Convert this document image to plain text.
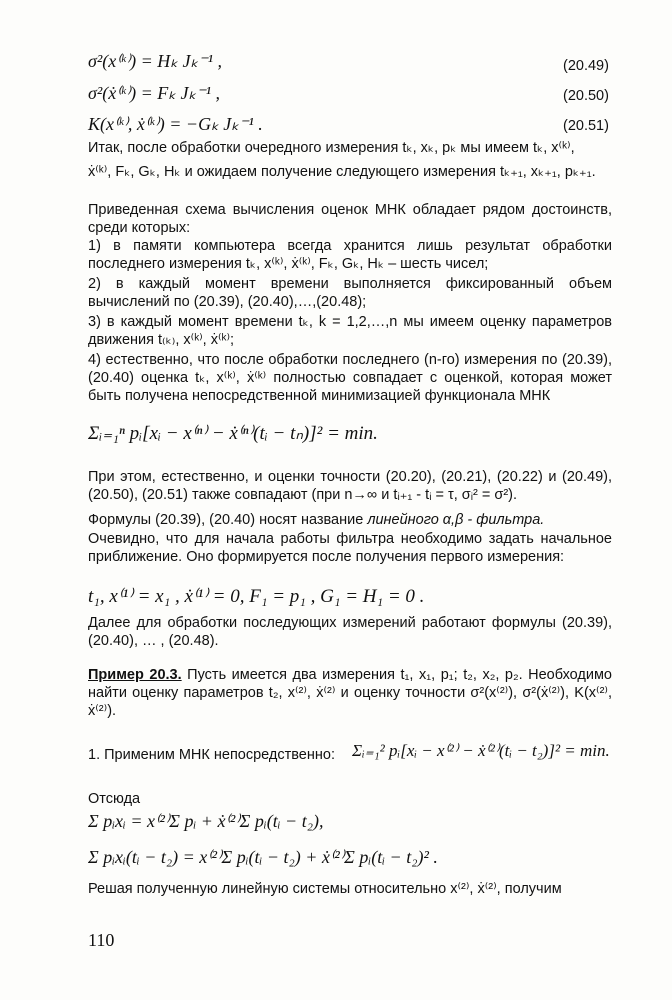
σ²(x⁽ᵏ⁾) = Hₖ Jₖ⁻¹ ,	(20.49)
σ²(ẋ⁽ᵏ⁾) = Fₖ Jₖ⁻¹ ,	(20.50)
K(x⁽ᵏ⁾, ẋ⁽ᵏ⁾) = −Gₖ Jₖ⁻¹ .	(20.51)
Итак, после обработки очередного измерения tₖ, xₖ, pₖ мы имеем tₖ, x⁽ᵏ⁾,
ẋ⁽ᵏ⁾, Fₖ, Gₖ, Hₖ и ожидаем получение следующего измерения tₖ₊₁, xₖ₊₁, pₖ₊₁.
Приведенная схема вычисления оценок МНК обладает рядом достоинств, среди которых:
1) в памяти компьютера всегда хранится лишь результат обработки последнего измерения tₖ, x⁽ᵏ⁾, ẋ⁽ᵏ⁾, Fₖ, Gₖ, Hₖ – шесть чисел;
2) в каждый момент времени выполняется фиксированный объем вычислений по (20.39), (20.40),…,(20.48);
3) в каждый момент времени tₖ, k = 1,2,…,n мы имеем оценку параметров движения t₍ₖ₎, x⁽ᵏ⁾, ẋ⁽ᵏ⁾;
4) естественно, что после обработки последнего (n-го) измерения по (20.39), (20.40) оценка tₖ, x⁽ᵏ⁾, ẋ⁽ᵏ⁾ полностью совпадает с оценкой, которая может быть получена непосредственной минимизацией функционала МНК
Σᵢ₌₁ⁿ pᵢ[xᵢ − x⁽ⁿ⁾ − ẋ⁽ⁿ⁾(tᵢ − tₙ)]² = min.
При этом, естественно, и оценки точности (20.20), (20.21), (20.22) и (20.49), (20.50), (20.51) также совпадают (при n→∞ и tᵢ₊₁ - tᵢ = τ, σᵢ² = σ²).
Формулы (20.39), (20.40) носят название линейного α,β - фильтра.
Очевидно, что для начала работы фильтра необходимо задать начальное приближение. Оно формируется после получения первого измерения:
t₁, x⁽¹⁾ = x₁ , ẋ⁽¹⁾ = 0, F₁ = p₁ , G₁ = H₁ = 0 .
Далее для обработки последующих измерений работают формулы (20.39), (20.40), … , (20.48).
Пример 20.3. Пусть имеется два измерения t₁, x₁, p₁; t₂, x₂, p₂. Необходимо найти оценку параметров t₂, x⁽²⁾, ẋ⁽²⁾ и оценку точности σ²(x⁽²⁾), σ²(ẋ⁽²⁾), K(x⁽²⁾, ẋ⁽²⁾).
1. Применим МНК непосредственно: Σᵢ₌₁² pᵢ[xᵢ − x⁽²⁾ − ẋ⁽²⁾(tᵢ − t₂)]² = min.
Отсюда
Σ pᵢxᵢ = x⁽²⁾Σ pᵢ + ẋ⁽²⁾Σ pᵢ(tᵢ − t₂),
Σ pᵢxᵢ(tᵢ − t₂) = x⁽²⁾Σ pᵢ(tᵢ − t₂) + ẋ⁽²⁾Σ pᵢ(tᵢ − t₂)² .
Решая полученную линейную системы относительно x⁽²⁾, ẋ⁽²⁾, получим
110
